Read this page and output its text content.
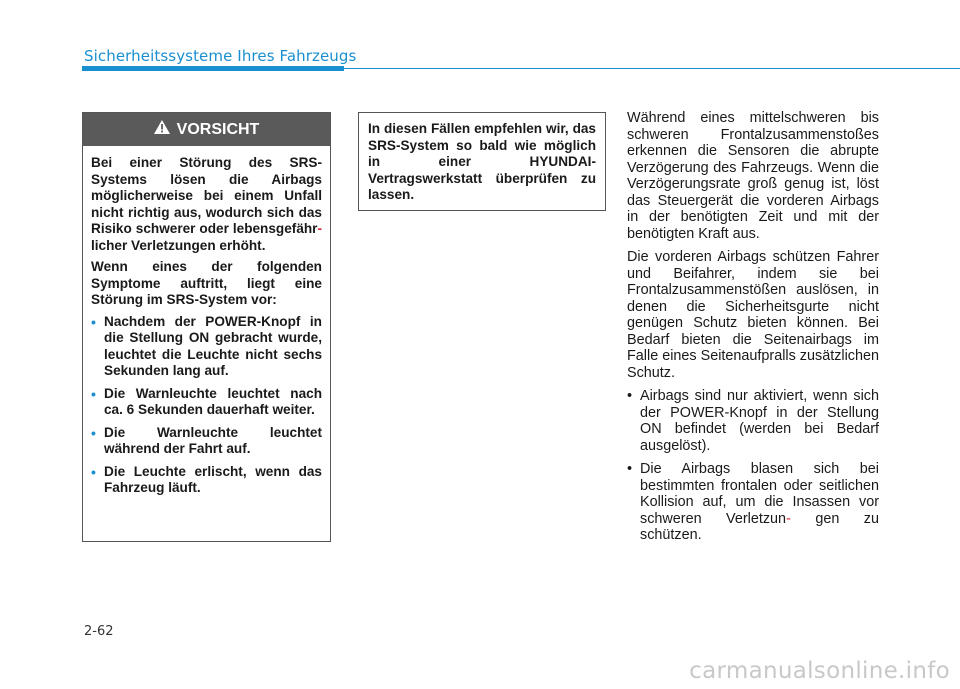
Sicherheitssysteme Ihres Fahrzeugs
VORSICHT

Bei einer Störung des SRS-Systems lösen die Airbags möglicherweise bei einem Unfall nicht richtig aus, wodurch sich das Risiko schwerer oder lebensgefähr- licher Verletzungen erhöht.

Wenn eines der folgenden Symptome auftritt, liegt eine Störung im SRS-System vor:

• Nachdem der POWER-Knopf in die Stellung ON gebracht wurde, leuchtet die Leuchte nicht sechs Sekunden lang auf.
• Die Warnleuchte leuchtet nach ca. 6 Sekunden dauerhaft weiter.
• Die Warnleuchte leuchtet während der Fahrt auf.
• Die Leuchte erlischt, wenn das Fahrzeug läuft.
In diesen Fällen empfehlen wir, das SRS-System so bald wie möglich in einer HYUNDAI-Vertragswerkstatt überprüfen zu lassen.

Während eines mittelschweren bis schweren Frontalzusammenstoßes erkennen die Sensoren die abrupte Verzögerung des Fahrzeugs. Wenn die Verzögerungsrate groß genug ist, löst das Steuergerät die vorderen Airbags in der benötigten Zeit und mit der benötigten Kraft aus.

Die vorderen Airbags schützen Fahrer und Beifahrer, indem sie bei Frontalzusammenstößen auslösen, in denen die Sicherheitsgurte nicht genügen Schutz bieten können. Bei Bedarf bieten die Seitenairbags im Falle eines Seitenaufpralls zusätzlichen Schutz.

• Airbags sind nur aktiviert, wenn sich der POWER-Knopf in der Stellung ON befindet (werden bei Bedarf ausgelöst).
• Die Airbags blasen sich bei bestimmten frontalen oder seitlichen Kollision auf, um die Insassen vor schweren Verletzun- gen zu schützen.
2-62
carmanualsonline.info
